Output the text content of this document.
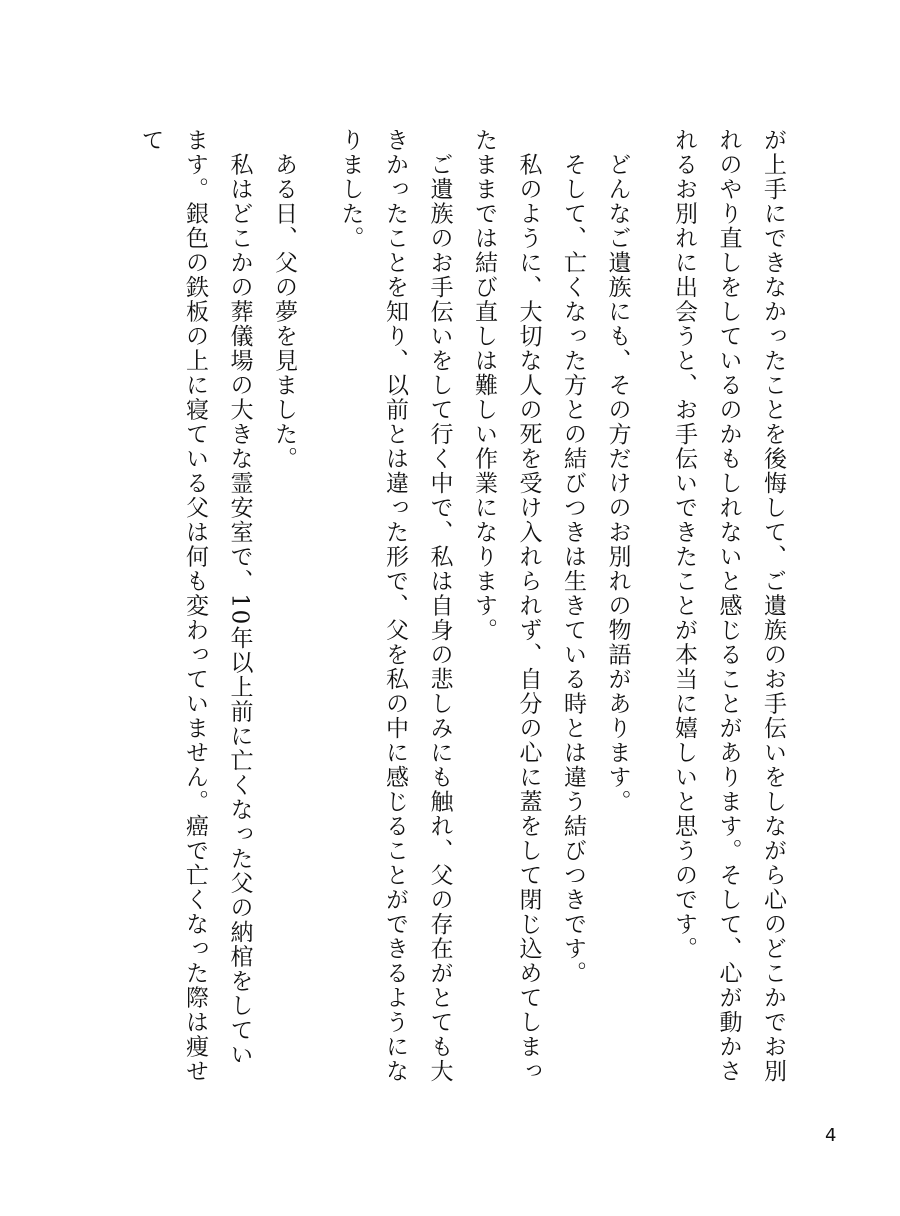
が上手にできなかったことを後悔して、ご遺族のお手伝いをしながら心のどこかでお別れのやり直しをしているのかもしれないと感じることがあります。そして、心が動かされるお別れに出会うと、お手伝いできたことが本当に嬉しいと思うのです。

　どんなご遺族にも、その方だけのお別れの物語があります。

　そして、亡くなった方との結びつきは生きている時とは違う結びつきです。

　私のように、大切な人の死を受け入れられず、自分の心に蓋をして閉じ込めてしまったままでは結び直しは難しい作業になります。

　ご遺族のお手伝いをして行く中で、私は自身の悲しみにも触れ、父の存在がとても大きかったことを知り、以前とは違った形で、父を私の中に感じることができるようになりました。

　ある日、父の夢を見ました。

　私はどこかの葬儀場の大きな霊安室で、10年以上前に亡くなった父の納棺をしています。銀色の鉄板の上に寝ている父は何も変わっていません。癌で亡くなった際は痩せて

4
